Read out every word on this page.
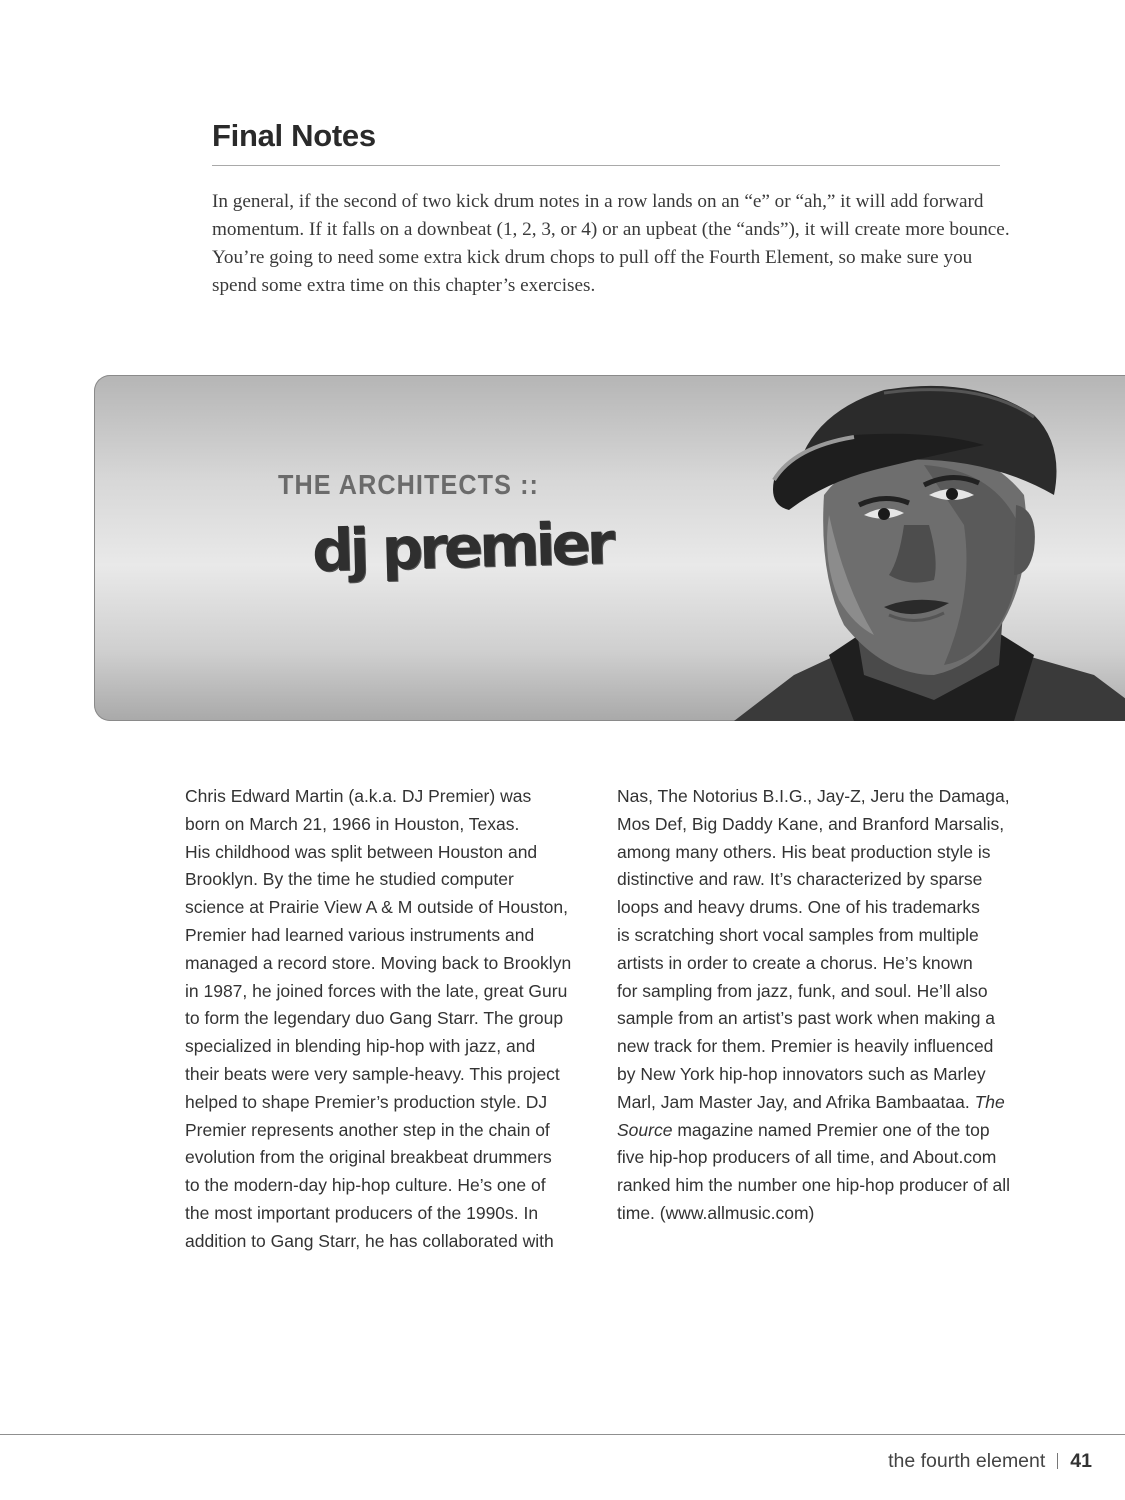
Final Notes

In general, if the second of two kick drum notes in a row lands on an “e” or “ah,” it will add forward momentum. If it falls on a downbeat (1, 2, 3, or 4) or an upbeat (the “ands”), it will create more bounce. You’re going to need some extra kick drum chops to pull off the Fourth Element, so make sure you spend some extra time on this chapter’s exercises.

THE ARCHITECTS ::
dj premier
Chris Edward Martin (a.k.a. DJ Premier) was
born on March 21, 1966 in Houston, Texas.
His childhood was split between Houston and
Brooklyn. By the time he studied computer
science at Prairie View A & M outside of Houston,
Premier had learned various instruments and
managed a record store. Moving back to Brooklyn
in 1987, he joined forces with the late, great Guru
to form the legendary duo Gang Starr. The group
specialized in blending hip-hop with jazz, and
their beats were very sample-heavy. This project
helped to shape Premier’s production style. DJ
Premier represents another step in the chain of
evolution from the original breakbeat drummers
to the modern-day hip-hop culture. He’s one of
the most important producers of the 1990s. In
addition to Gang Starr, he has collaborated with
Nas, The Notorius B.I.G., Jay-Z, Jeru the Damaga,
Mos Def, Big Daddy Kane, and Branford Marsalis,
among many others. His beat production style is
distinctive and raw. It’s characterized by sparse
loops and heavy drums. One of his trademarks
is scratching short vocal samples from multiple
artists in order to create a chorus. He’s known
for sampling from jazz, funk, and soul. He’ll also
sample from an artist’s past work when making a
new track for them. Premier is heavily influenced
by New York hip-hop innovators such as Marley
Marl, Jam Master Jay, and Afrika Bambaataa. The
Source magazine named Premier one of the top
five hip-hop producers of all time, and About.com
ranked him the number one hip-hop producer of all
time. (www.allmusic.com)
the fourth element 41
